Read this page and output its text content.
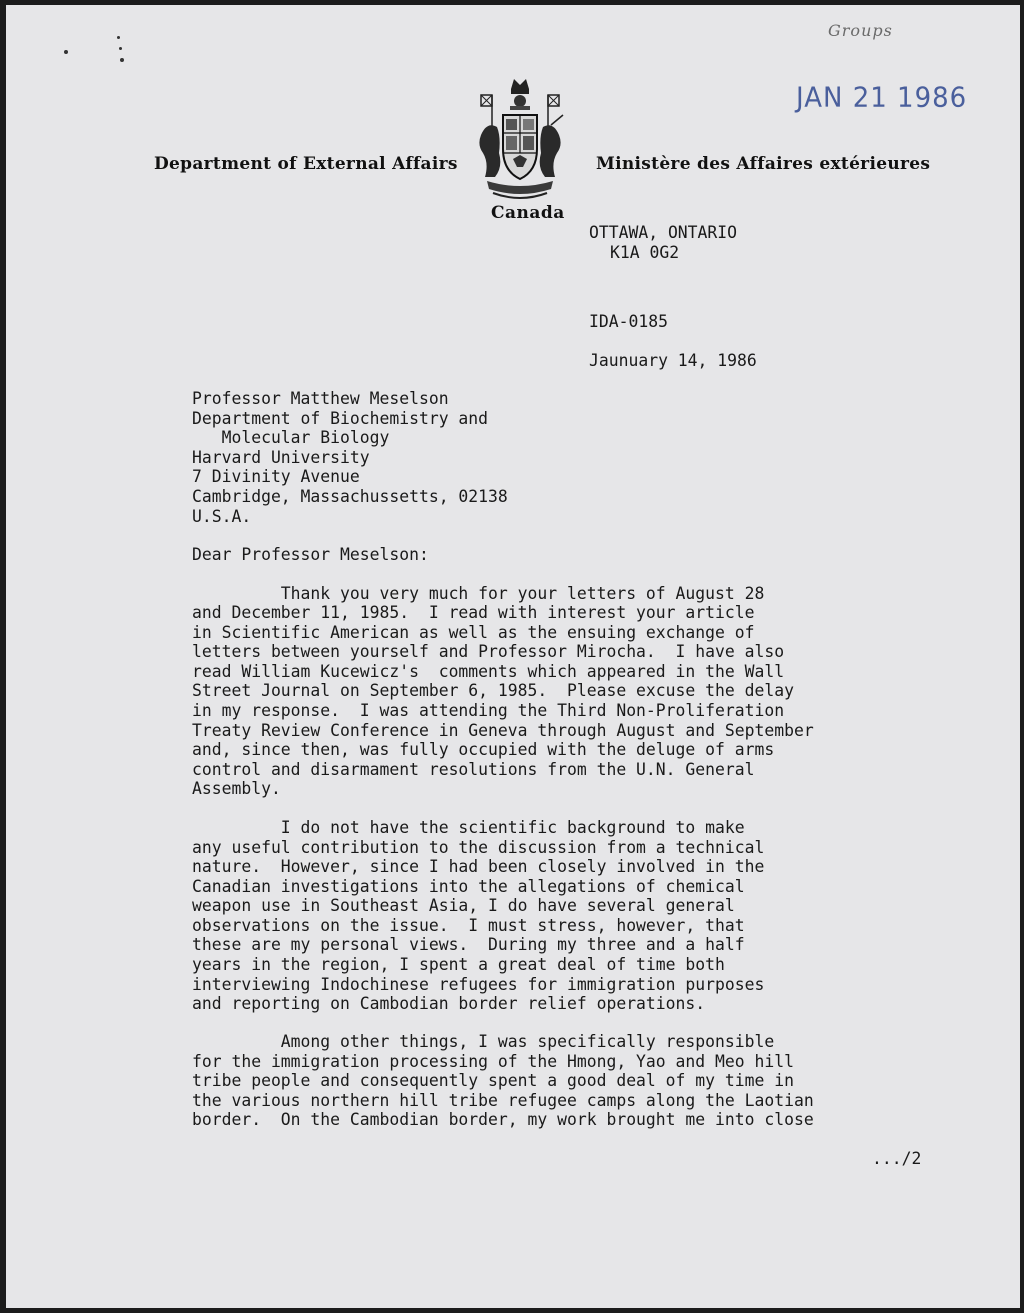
Groups
JAN 21 1986
Department of External Affairs	Ministère des Affaires extérieures
Canada
OTTAWA, ONTARIO
K1A 0G2
IDA-0185
Jaunuary 14, 1986
Professor Matthew Meselson
Department of Biochemistry and
Molecular Biology
Harvard University
7 Divinity Avenue
Cambridge, Massachussetts, 02138
U.S.A.
Dear Professor Meselson:
Thank you very much for your letters of August 28
and December 11, 1985.  I read with interest your article
in Scientific American as well as the ensuing exchange of
letters between yourself and Professor Mirocha.  I have also
read William Kucewicz's  comments which appeared in the Wall
Street Journal on September 6, 1985.  Please excuse the delay
in my response.  I was attending the Third Non-Proliferation
Treaty Review Conference in Geneva through August and September
and, since then, was fully occupied with the deluge of arms
control and disarmament resolutions from the U.N. General
Assembly.
I do not have the scientific background to make
any useful contribution to the discussion from a technical
nature.  However, since I had been closely involved in the
Canadian investigations into the allegations of chemical
weapon use in Southeast Asia, I do have several general
observations on the issue.  I must stress, however, that
these are my personal views.  During my three and a half
years in the region, I spent a great deal of time both
interviewing Indochinese refugees for immigration purposes
and reporting on Cambodian border relief operations.
Among other things, I was specifically responsible
for the immigration processing of the Hmong, Yao and Meo hill
tribe people and consequently spent a good deal of my time in
the various northern hill tribe refugee camps along the Laotian
border.  On the Cambodian border, my work brought me into close
.../2
